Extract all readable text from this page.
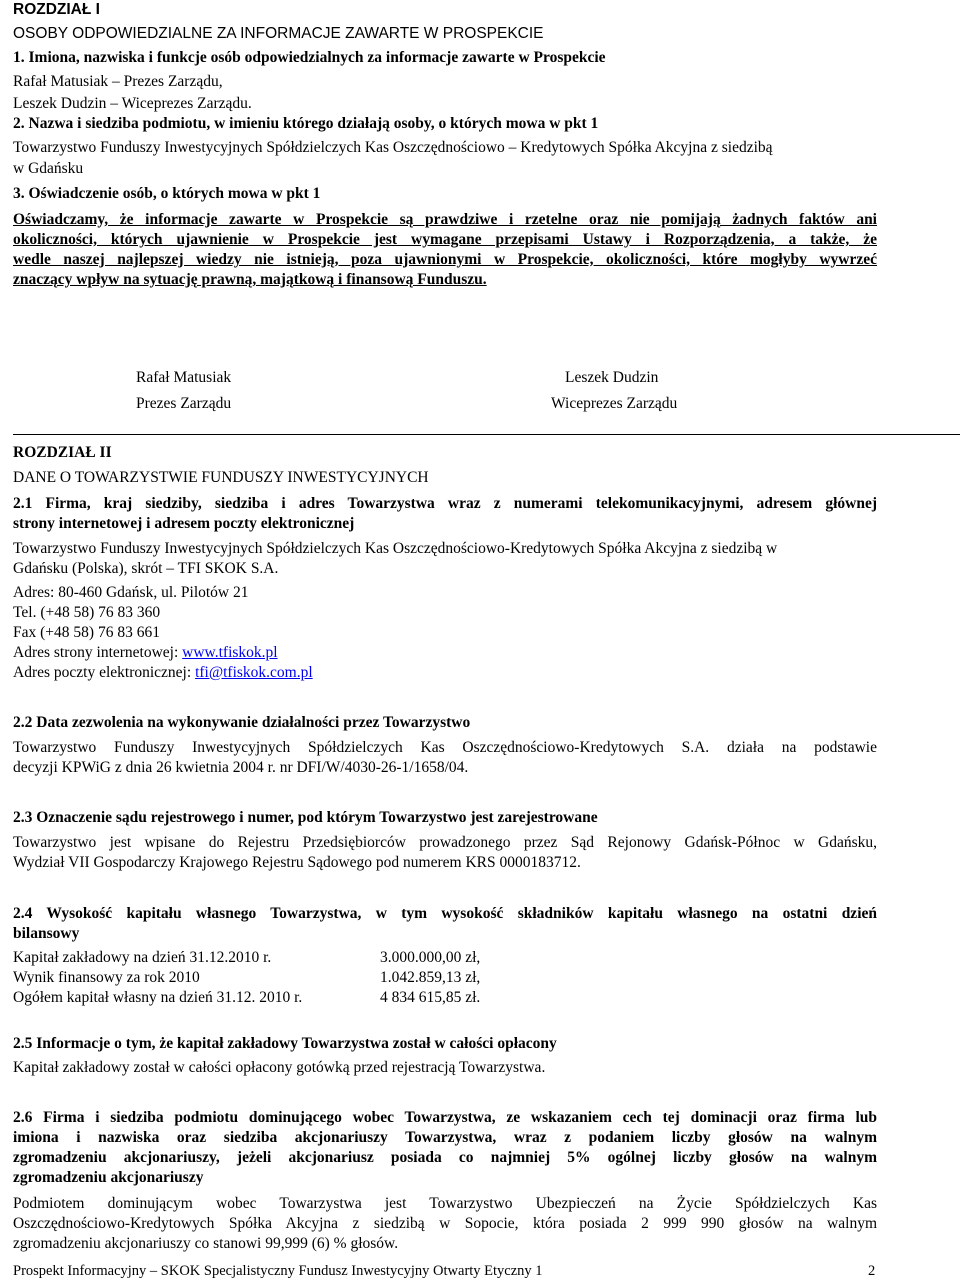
ROZDZIAŁ I
OSOBY ODPOWIEDZIALNE ZA INFORMACJE ZAWARTE W PROSPEKCIE
1. Imiona, nazwiska i funkcje osób odpowiedzialnych za informacje zawarte w Prospekcie
Rafał Matusiak – Prezes Zarządu,
Leszek Dudzin – Wiceprezes Zarządu.
2. Nazwa i siedziba podmiotu, w imieniu którego działają osoby, o których mowa w pkt 1
Towarzystwo Funduszy Inwestycyjnych Spółdzielczych Kas Oszczędnościowo – Kredytowych Spółka Akcyjna z siedzibą
w Gdańsku
3. Oświadczenie osób, o których mowa w pkt 1
Oświadczamy, że informacje zawarte w Prospekcie są prawdziwe i rzetelne oraz nie pomijają żadnych faktów ani
okoliczności, których ujawnienie w Prospekcie jest wymagane przepisami Ustawy i Rozporządzenia, a także, że
wedle naszej najlepszej wiedzy nie istnieją, poza ujawnionymi w Prospekcie, okoliczności, które mogłyby wywrzeć
znaczący wpływ na sytuację prawną, majątkową i finansową Funduszu.
Rafał Matusiak
Prezes Zarządu
Leszek Dudzin
Wiceprezes Zarządu
ROZDZIAŁ II
DANE O TOWARZYSTWIE FUNDUSZY INWESTYCYJNYCH
2.1 Firma, kraj siedziby, siedziba i adres Towarzystwa wraz z numerami telekomunikacyjnymi, adresem głównej
strony internetowej i adresem poczty elektronicznej
Towarzystwo Funduszy Inwestycyjnych Spółdzielczych Kas Oszczędnościowo-Kredytowych Spółka Akcyjna z siedzibą w
Gdańsku (Polska), skrót – TFI SKOK S.A.
Adres: 80-460 Gdańsk, ul. Pilotów 21
Tel. (+48 58) 76 83 360
Fax (+48 58) 76 83 661
Adres strony internetowej: www.tfiskok.pl
Adres poczty elektronicznej: tfi@tfiskok.com.pl
2.2 Data zezwolenia na wykonywanie działalności przez Towarzystwo
Towarzystwo Funduszy Inwestycyjnych Spółdzielczych Kas Oszczędnościowo-Kredytowych S.A. działa na podstawie
decyzji KPWiG z dnia 26 kwietnia 2004 r. nr DFI/W/4030-26-1/1658/04.
2.3 Oznaczenie sądu rejestrowego i numer, pod którym Towarzystwo jest zarejestrowane
Towarzystwo jest wpisane do Rejestru Przedsiębiorców prowadzonego przez Sąd Rejonowy Gdańsk-Północ w Gdańsku,
Wydział VII Gospodarczy Krajowego Rejestru Sądowego pod numerem KRS 0000183712.
2.4 Wysokość kapitału własnego Towarzystwa, w tym wysokość składników kapitału własnego na ostatni dzień
bilansowy
Kapitał zakładowy na dzień 31.12.2010 r.	3.000.000,00 zł,
Wynik finansowy za rok 2010	1.042.859,13 zł,
Ogółem kapitał własny na dzień 31.12. 2010 r.	4 834 615,85 zł.
2.5 Informacje o tym, że kapitał zakładowy Towarzystwa został w całości opłacony
Kapitał zakładowy został w całości opłacony gotówką przed rejestracją Towarzystwa.
2.6 Firma i siedziba podmiotu dominującego wobec Towarzystwa, ze wskazaniem cech tej dominacji oraz firma lub
imiona i nazwiska oraz siedziba akcjonariuszy Towarzystwa, wraz z podaniem liczby głosów na walnym
zgromadzeniu akcjonariuszy, jeżeli akcjonariusz posiada co najmniej 5% ogólnej liczby głosów na walnym
zgromadzeniu akcjonariuszy
Podmiotem dominującym wobec Towarzystwa jest Towarzystwo Ubezpieczeń na Życie Spółdzielczych Kas
Oszczędnościowo-Kredytowych Spółka Akcyjna z siedzibą w Sopocie, która posiada 2 999 990 głosów na walnym
zgromadzeniu akcjonariuszy co stanowi 99,999 (6) % głosów.
Prospekt Informacyjny – SKOK Specjalistyczny Fundusz Inwestycyjny Otwarty Etyczny 1	2
